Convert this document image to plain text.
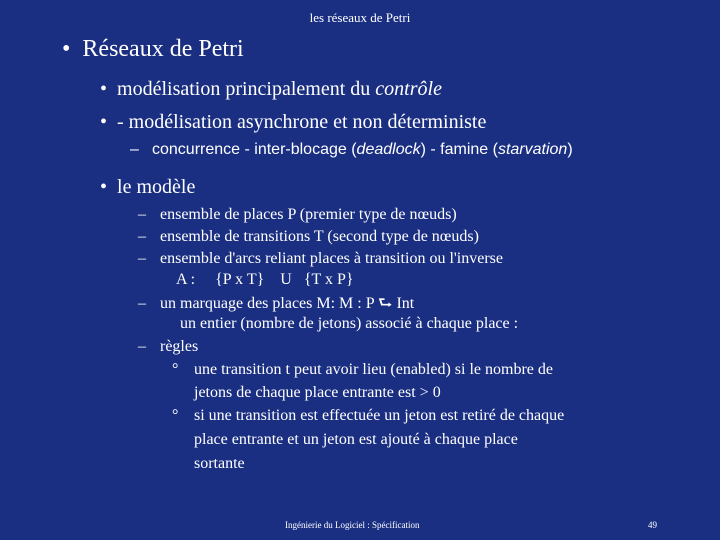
les réseaux de Petri
• Réseaux de Petri
• modélisation principalement du contrôle
• - modélisation asynchrone et non déterministe
– concurrence - inter-blocage (deadlock) - famine (starvation)
• le modèle
– ensemble de places P (premier type de nœuds)
– ensemble de transitions T (second type de nœuds)
– ensemble d'arcs reliant places à transition ou l'inverse
A :     {P x T}    U   {T x P}
– un marquage des places M: M : P ⮑ Int
un entier (nombre de jetons) associé à chaque place :
– règles
° une transition t peut avoir lieu (enabled) si le nombre de
jetons de chaque place entrante est > 0
° si une transition est effectuée un jeton est retiré de chaque
place entrante et un jeton est ajouté à chaque place
sortante
Ingénierie du Logiciel : Spécification	49
